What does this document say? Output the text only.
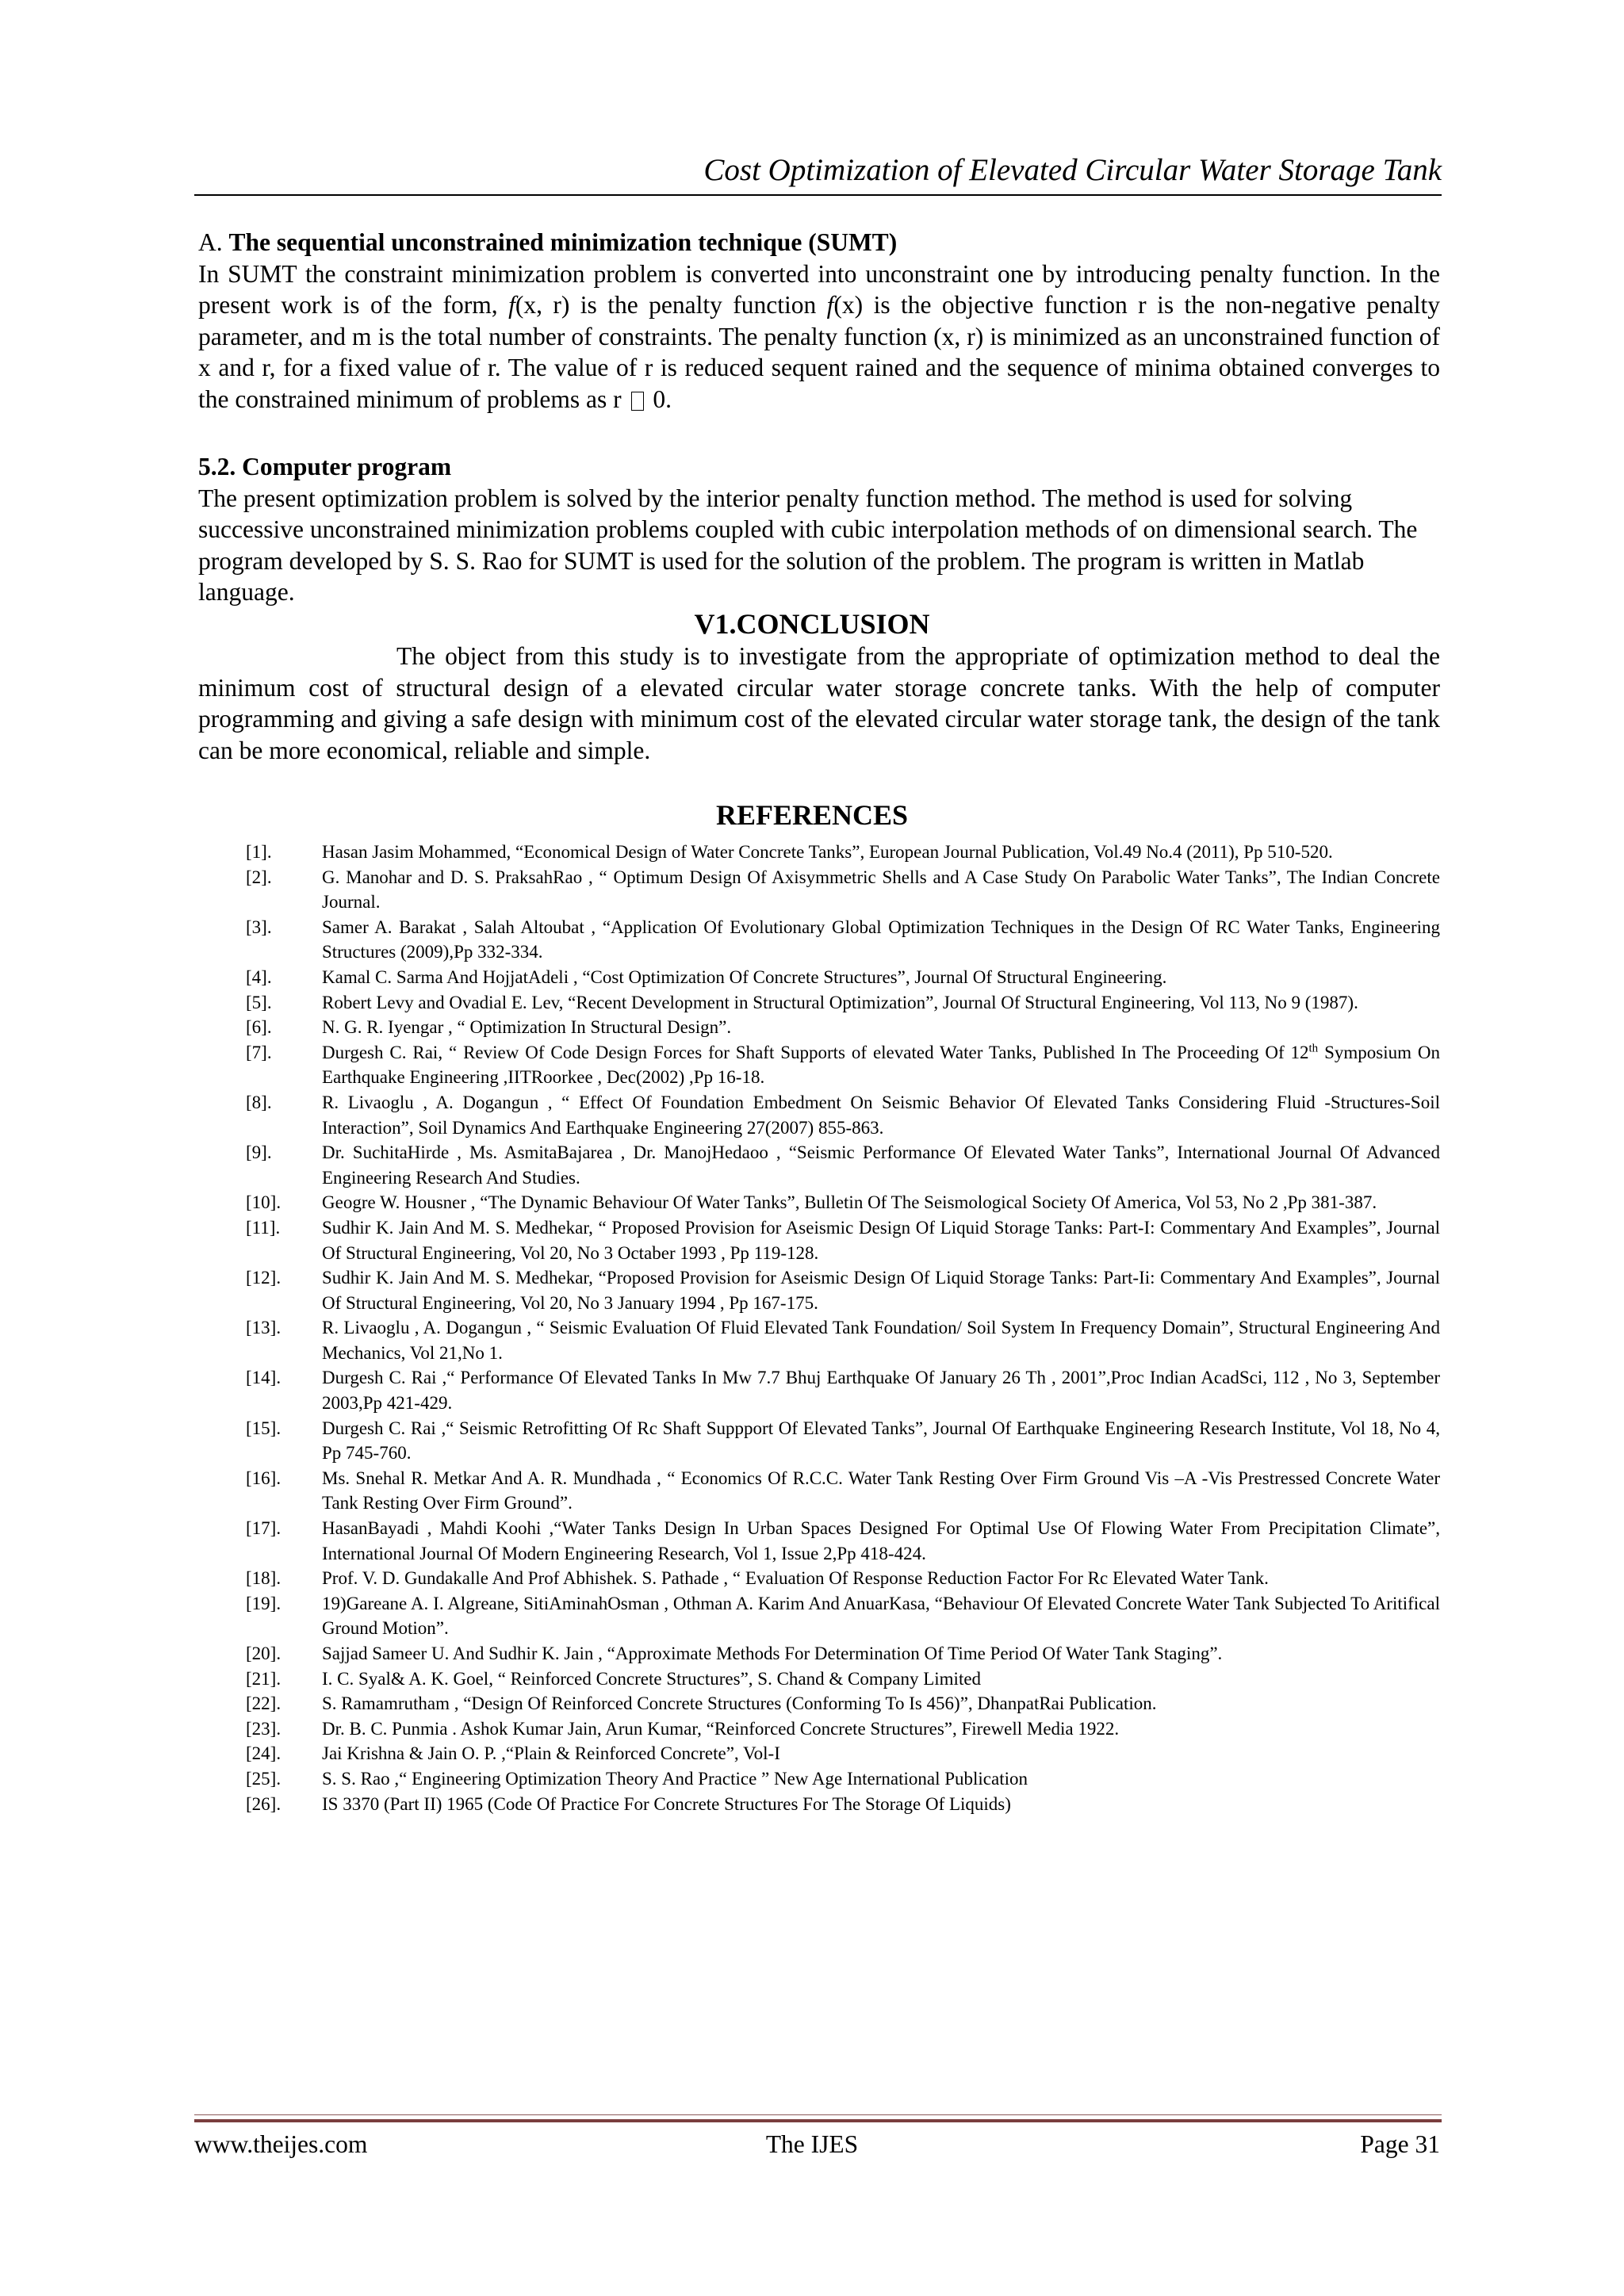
Cost Optimization of Elevated Circular Water Storage Tank
A. The sequential unconstrained minimization technique (SUMT)
In SUMT the constraint minimization problem is converted into unconstraint one by introducing penalty function. In the present work is of the form, f(x, r) is the penalty function f(x) is the objective function r is the non-negative penalty parameter, and m is the total number of constraints. The penalty function (x, r) is minimized as an unconstrained function of x and r, for a fixed value of r. The value of r is reduced sequent rained and the sequence of minima obtained converges to the constrained minimum of problems as r  0.
5.2. Computer program
The present optimization problem is solved by the interior penalty function method. The method is used for solving successive unconstrained minimization problems coupled with cubic interpolation methods of on dimensional search. The program developed by S. S. Rao for SUMT is used for the solution of the problem. The program is written in Matlab language.
V1.CONCLUSION
The object from this study is to investigate from the appropriate of optimization method to deal the minimum cost of structural design of a elevated circular water storage concrete tanks. With the help of computer programming and giving a safe design with minimum cost of the elevated circular water storage tank, the design of the tank can be more economical, reliable and simple.
REFERENCES
[1].	Hasan Jasim Mohammed, “Economical Design of Water Concrete Tanks”, European Journal Publication, Vol.49 No.4 (2011), Pp 510-520.
[2].	G. Manohar and D. S. PraksahRao , “ Optimum Design Of Axisymmetric Shells and A Case Study On Parabolic Water Tanks”, The Indian Concrete Journal.
[3].	Samer A. Barakat , Salah Altoubat , “Application Of Evolutionary Global Optimization Techniques in the Design Of RC Water Tanks, Engineering Structures (2009),Pp 332-334.
[4].	Kamal C. Sarma And HojjatAdeli , “Cost Optimization Of Concrete Structures”, Journal Of Structural Engineering.
[5].	Robert Levy and Ovadial E. Lev, “Recent Development in Structural Optimization”, Journal Of Structural Engineering, Vol 113, No 9 (1987).
[6].	N. G. R. Iyengar , “ Optimization In Structural Design”.
[7].	Durgesh C. Rai, “ Review Of Code Design Forces for Shaft Supports of elevated Water Tanks, Published In The Proceeding Of 12th Symposium On Earthquake Engineering ,IITRoorkee , Dec(2002) ,Pp 16-18.
[8].	R. Livaoglu , A. Dogangun , “ Effect Of Foundation Embedment On Seismic Behavior Of Elevated Tanks Considering Fluid -Structures-Soil Interaction”, Soil Dynamics And Earthquake Engineering 27(2007) 855-863.
[9].	Dr. SuchitaHirde , Ms. AsmitaBajarea , Dr. ManojHedaoo , “Seismic Performance Of Elevated Water Tanks”, International Journal Of Advanced Engineering Research And Studies.
[10].	Geogre W. Housner , “The Dynamic Behaviour Of Water Tanks”, Bulletin Of The Seismological Society Of America, Vol 53, No 2 ,Pp 381-387.
[11].	Sudhir K. Jain And M. S. Medhekar, “ Proposed Provision for Aseismic Design Of Liquid Storage Tanks: Part-I: Commentary And Examples”, Journal Of Structural Engineering, Vol 20, No 3 Octaber 1993 , Pp 119-128.
[12].	Sudhir K. Jain And M. S. Medhekar, “Proposed Provision for Aseismic Design Of Liquid Storage Tanks: Part-Ii: Commentary And Examples”, Journal Of Structural Engineering, Vol 20, No 3 January 1994 , Pp 167-175.
[13].	R. Livaoglu , A. Dogangun , “ Seismic Evaluation Of Fluid Elevated Tank Foundation/ Soil System In Frequency Domain”, Structural Engineering And Mechanics, Vol 21,No 1.
[14].	Durgesh C. Rai ,“ Performance Of Elevated Tanks In Mw 7.7 Bhuj Earthquake Of January 26 Th , 2001”,Proc Indian AcadSci, 112 , No 3, September 2003,Pp 421-429.
[15].	Durgesh C. Rai ,“ Seismic Retrofitting Of Rc Shaft Suppport Of Elevated Tanks”, Journal Of Earthquake Engineering Research Institute, Vol 18, No 4, Pp 745-760.
[16].	Ms. Snehal R. Metkar And A. R. Mundhada , “ Economics Of R.C.C. Water Tank Resting Over Firm Ground Vis –A -Vis Prestressed Concrete Water Tank Resting Over Firm Ground”.
[17].	HasanBayadi , Mahdi Koohi ,“Water Tanks Design In Urban Spaces Designed For Optimal Use Of Flowing Water From Precipitation Climate”, International Journal Of Modern Engineering Research, Vol 1, Issue 2,Pp 418-424.
[18].	Prof. V. D. Gundakalle And Prof Abhishek. S. Pathade , “ Evaluation Of Response Reduction Factor For Rc Elevated Water Tank.
[19].	19)Gareane A. I. Algreane, SitiAminahOsman , Othman A. Karim And AnuarKasa, “Behaviour Of Elevated Concrete Water Tank Subjected To Aritifical Ground Motion”.
[20].	Sajjad Sameer U. And Sudhir K. Jain , “Approximate Methods For Determination Of Time Period Of Water Tank Staging”.
[21].	I. C. Syal& A. K. Goel, “ Reinforced Concrete Structures”, S. Chand & Company Limited
[22].	S. Ramamrutham , “Design Of Reinforced Concrete Structures (Conforming To Is 456)”, DhanpatRai Publication.
[23].	Dr. B. C. Punmia . Ashok Kumar Jain, Arun Kumar, “Reinforced Concrete Structures”, Firewell Media 1922.
[24].	Jai Krishna & Jain O. P. ,“Plain & Reinforced Concrete”, Vol-I
[25].	S. S. Rao ,“ Engineering Optimization Theory And Practice ” New Age International Publication
[26].	IS 3370 (Part II) 1965 (Code Of Practice For Concrete Structures For The Storage Of Liquids)
www.theijes.com	The IJES	Page 31
